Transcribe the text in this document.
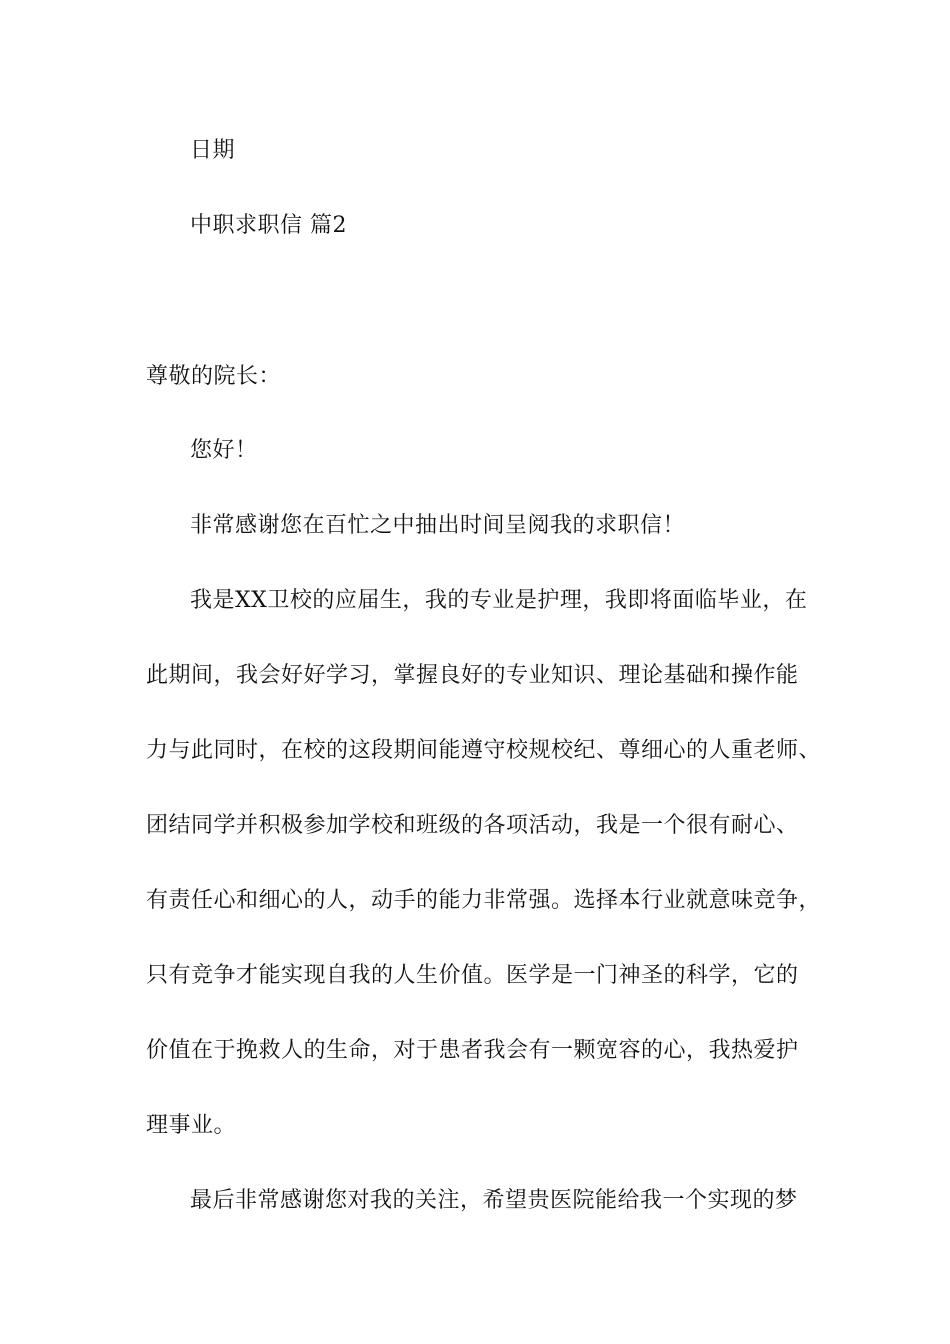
日期
中职求职信 篇2
尊敬的院长：
您好！
非常感谢您在百忙之中抽出时间呈阅我的求职信！
我是XX卫校的应届生，我的专业是护理，我即将面临毕业，在
此期间，我会好好学习，掌握良好的专业知识、理论基础和操作能
力与此同时，在校的这段期间能遵守校规校纪、尊细心的人重老师、
团结同学并积极参加学校和班级的各项活动，我是一个很有耐心、
有责任心和细心的人，动手的能力非常强。选择本行业就意味竞争，
只有竞争才能实现自我的人生价值。医学是一门神圣的科学，它的
价值在于挽救人的生命，对于患者我会有一颗宽容的心，我热爱护
理事业。
最后非常感谢您对我的关注，希望贵医院能给我一个实现的梦
